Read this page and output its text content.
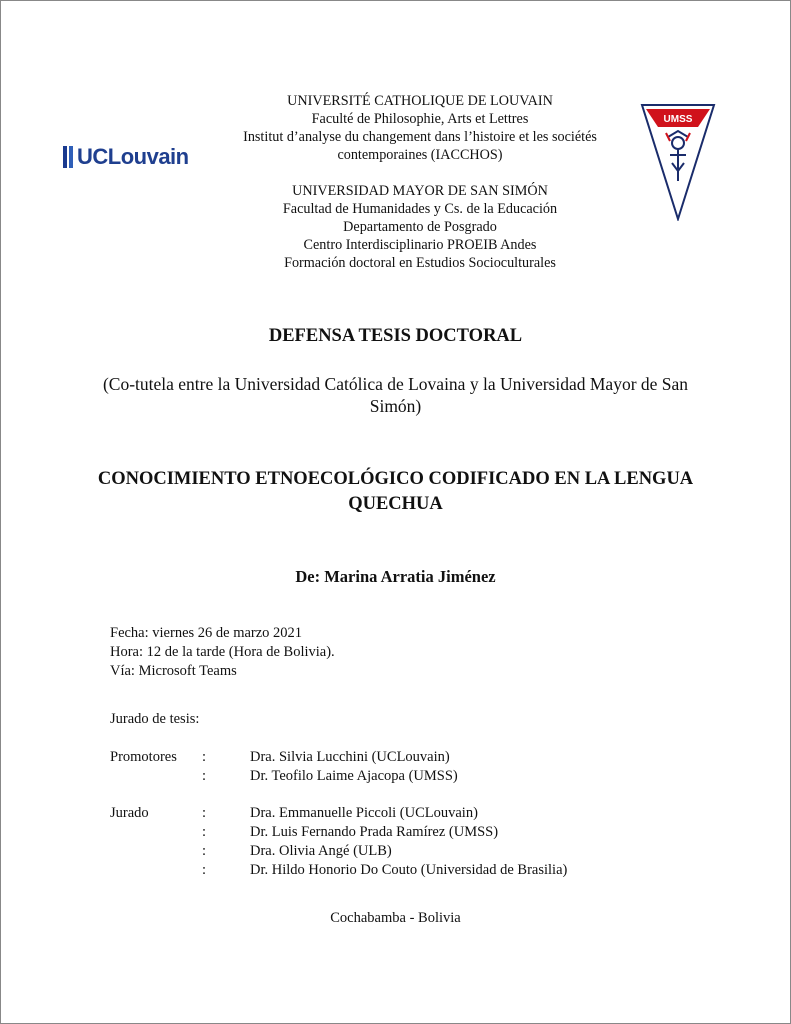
UCLouvain
UMSS
UNIVERSITÉ CATHOLIQUE DE LOUVAIN
Faculté de Philosophie, Arts et Lettres
Institut d’analyse du changement dans l’histoire et les sociétés
contemporaines (IACCHOS)
UNIVERSIDAD MAYOR DE SAN SIMÓN
Facultad de Humanidades y Cs. de la Educación
Departamento de Posgrado
Centro Interdisciplinario PROEIB Andes
Formación doctoral en Estudios Socioculturales
DEFENSA TESIS DOCTORAL
(Co-tutela entre la Universidad Católica de Lovaina y la Universidad Mayor de San Simón)
CONOCIMIENTO ETNOECOLÓGICO CODIFICADO EN LA LENGUA QUECHUA
De: Marina Arratia Jiménez
Fecha: viernes 26 de marzo 2021
Hora: 12 de la tarde (Hora de Bolivia).
Vía: Microsoft Teams
Jurado de tesis:
Promotores :	Dra. Silvia Lucchini (UCLouvain)
:	Dr. Teofilo Laime Ajacopa (UMSS)
Jurado	:	Dra. Emmanuelle Piccoli (UCLouvain)
:	Dr. Luis Fernando Prada Ramírez (UMSS)
:	Dra. Olivia Angé (ULB)
:	Dr. Hildo Honorio Do Couto (Universidad de Brasilia)
Cochabamba - Bolivia
